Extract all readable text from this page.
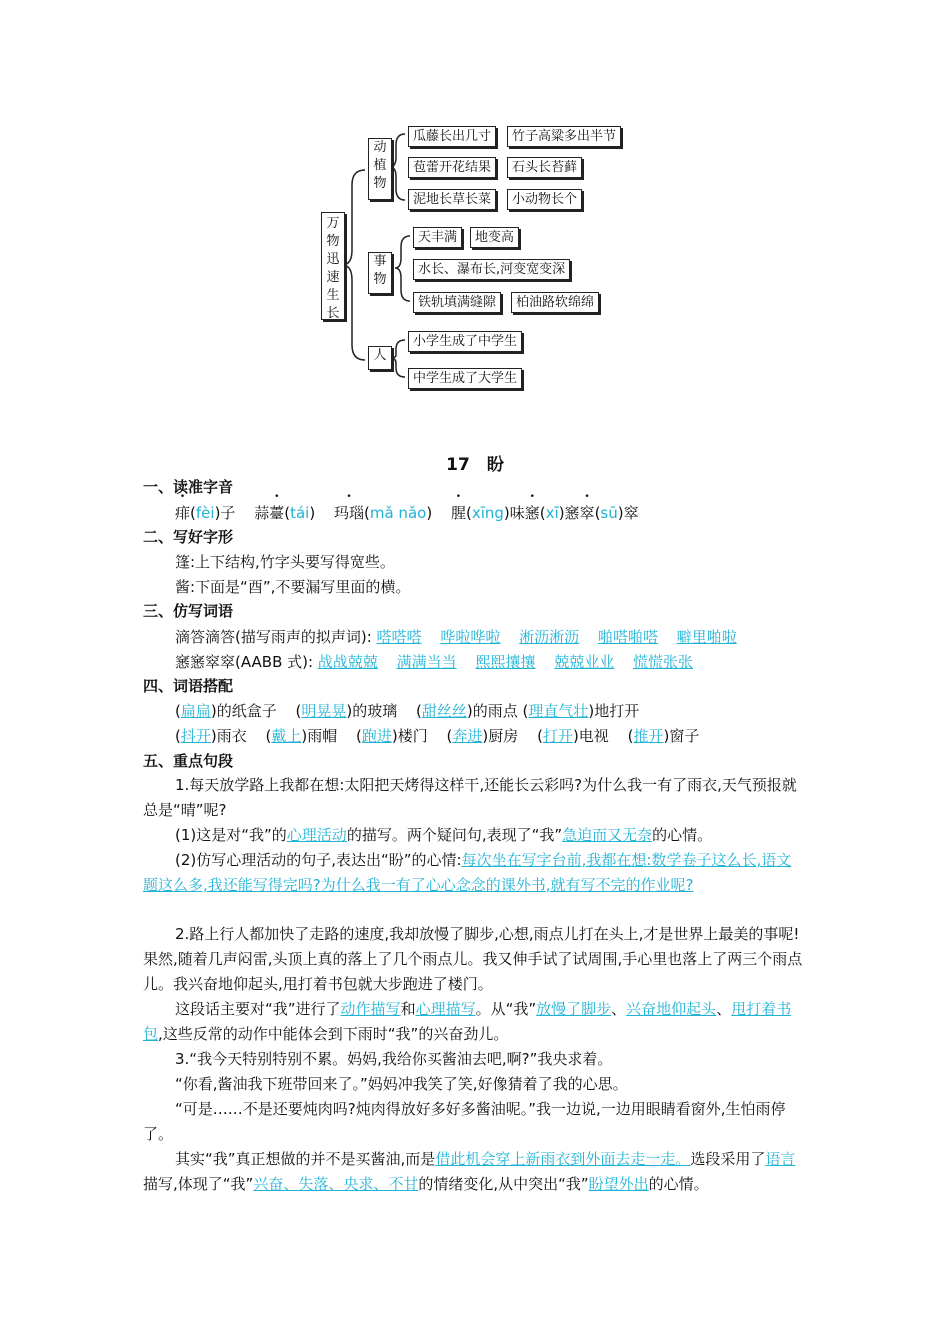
万物迅速生长
动植物
事物
人
瓜藤长出几寸	竹子高粱多出半节
苞蕾开花结果	石头长苔藓
泥地长草长菜	小动物长个
天丰满	地变高
水长、瀑布长,河变宽变深
铁轨填满缝隙	柏油路软绵绵
小学生成了中学生
中学生成了大学生
17　盼
一、读准字音
痱(fèi)子 蒜薹(tái) 玛瑙(mǎ nǎo) 腥(xīng)味窸(xī)窸窣(sū)窣
二、写好字形
篷:上下结构,竹字头要写得宽些。
酱:下面是“酉”,不要漏写里面的横。
三、仿写词语
滴答滴答(描写雨声的拟声词): 嗒嗒嗒 哗啦哗啦 淅沥淅沥 啪嗒啪嗒 噼里啪啦
窸窸窣窣(AABB 式): 战战兢兢 满满当当 熙熙攘攘 兢兢业业 慌慌张张
四、词语搭配
(扁扁)的纸盒子 (明晃晃)的玻璃 (甜丝丝)的雨点 (理直气壮)地打开
(抖开)雨衣 (戴上)雨帽 (跑进)楼门 (奔进)厨房 (打开)电视 (推开)窗子
五、重点句段
1.每天放学路上我都在想:太阳把天烤得这样干,还能长云彩吗?为什么我一有了雨衣,天气预报就总是“晴”呢?
(1)这是对“我”的心理活动的描写。两个疑问句,表现了“我”急迫而又无奈的心情。
(2)仿写心理活动的句子,表达出“盼”的心情:每次坐在写字台前,我都在想:数学卷子这么长,语文题这么多,我还能写得完吗?为什么我一有了心心念念的课外书,就有写不完的作业呢?
2.路上行人都加快了走路的速度,我却放慢了脚步,心想,雨点儿打在头上,才是世界上最美的事呢!果然,随着几声闷雷,头顶上真的落上了几个雨点儿。我又伸手试了试周围,手心里也落上了两三个雨点儿。我兴奋地仰起头,甩打着书包就大步跑进了楼门。
这段话主要对“我”进行了动作描写和心理描写。从“我”放慢了脚步、兴奋地仰起头、甩打着书包,这些反常的动作中能体会到下雨时“我”的兴奋劲儿。
3.“我今天特别特别不累。妈妈,我给你买酱油去吧,啊?”我央求着。
“你看,酱油我下班带回来了。”妈妈冲我笑了笑,好像猜着了我的心思。
“可是……不是还要炖肉吗?炖肉得放好多好多酱油呢。”我一边说,一边用眼睛看窗外,生怕雨停了。
其实“我”真正想做的并不是买酱油,而是借此机会穿上新雨衣到外面去走一走。选段采用了语言描写,体现了“我”兴奋、失落、央求、不甘的情绪变化,从中突出“我”盼望外出的心情。
